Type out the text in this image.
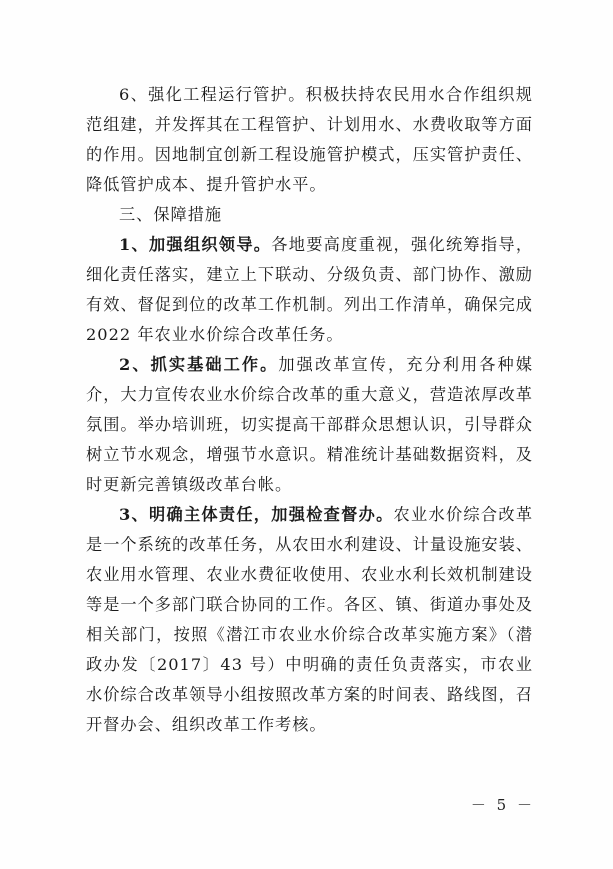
6、强化工程运行管护。积极扶持农民用水合作组织规范组建，并发挥其在工程管护、计划用水、水费收取等方面的作用。因地制宜创新工程设施管护模式，压实管护责任、降低管护成本、提升管护水平。

三、保障措施

1、加强组织领导。各地要高度重视，强化统筹指导，细化责任落实，建立上下联动、分级负责、部门协作、激励有效、督促到位的改革工作机制。列出工作清单，确保完成 2022 年农业水价综合改革任务。

2、抓实基础工作。加强改革宣传，充分利用各种媒介，大力宣传农业水价综合改革的重大意义，营造浓厚改革氛围。举办培训班，切实提高干部群众思想认识，引导群众树立节水观念，增强节水意识。精准统计基础数据资料，及时更新完善镇级改革台帐。

3、明确主体责任，加强检查督办。农业水价综合改革是一个系统的改革任务，从农田水利建设、计量设施安装、农业用水管理、农业水费征收使用、农业水利长效机制建设等是一个多部门联合协同的工作。各区、镇、街道办事处及相关部门，按照《潜江市农业水价综合改革实施方案》（潜政办发〔2017〕43 号）中明确的责任负责落实，市农业水价综合改革领导小组按照改革方案的时间表、路线图，召开督办会、组织改革工作考核。

－ 5 －
